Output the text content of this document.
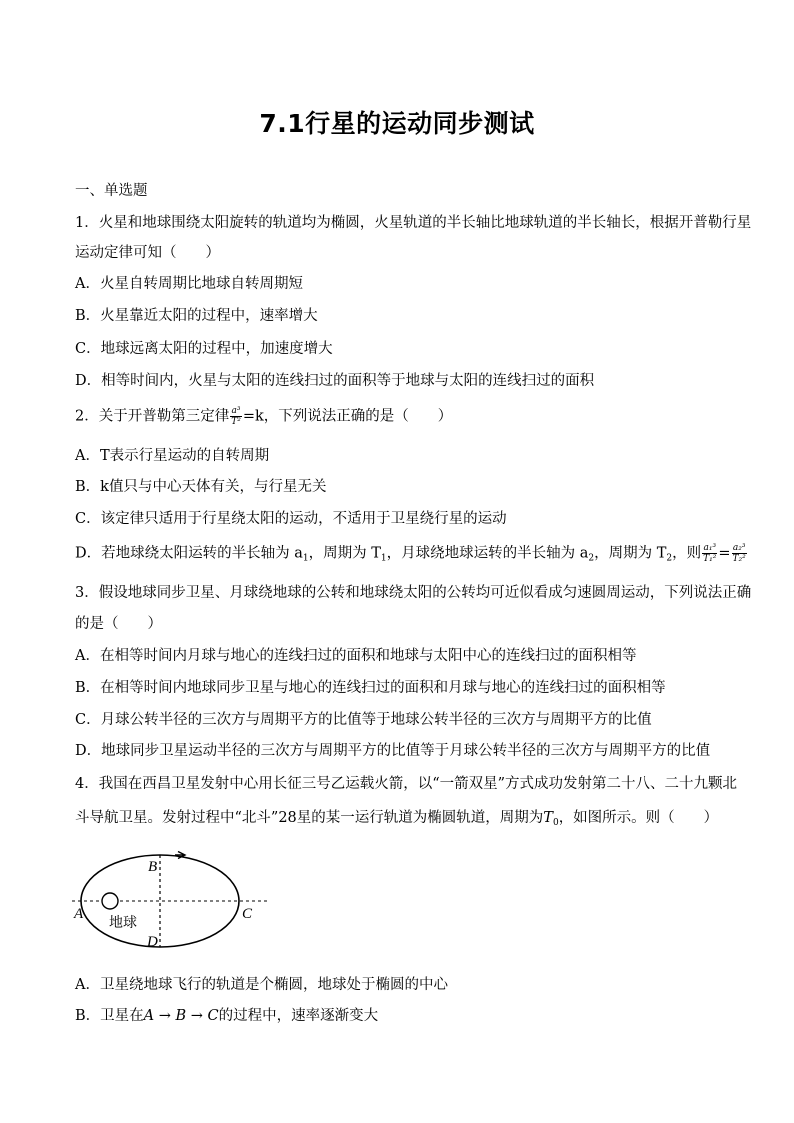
7.1行星的运动同步测试
一、单选题
1．火星和地球围绕太阳旋转的轨道均为椭圆，火星轨道的半长轴比地球轨道的半长轴长，根据开普勒行星
运动定律可知（　　）
A．火星自转周期比地球自转周期短
B．火星靠近太阳的过程中，速率增大
C．地球远离太阳的过程中，加速度增大
D．相等时间内，火星与太阳的连线扫过的面积等于地球与太阳的连线扫过的面积
2．关于开普勒第三定律 $\frac{\text{a³}}{\text{T²}} =k$，下列说法正确的是（　　）
A．T表示行星运动的自转周期
B．k值只与中心天体有关，与行星无关
C．该定律只适用于行星绕太阳的运动，不适用于卫星绕行星的运动
D．若地球绕太阳运转的半长轴为 $a_1$，周期为 $T_1$，月球绕地球运转的半长轴为 $a_2$，周期为 $T_2$，则 $\frac{\text{a₁³}}{\text{T₁²}} = \frac{\text{a₂³}}{\text{T₂²}}$
3．假设地球同步卫星、月球绕地球的公转和地球绕太阳的公转均可近似看成匀速圆周运动，下列说法正确
的是（　　）
A．在相等时间内月球与地心的连线扫过的面积和地球与太阳中心的连线扫过的面积相等
B．在相等时间内地球同步卫星与地心的连线扫过的面积和月球与地心的连线扫过的面积相等
C．月球公转半径的三次方与周期平方的比值等于地球公转半径的三次方与周期平方的比值
D．地球同步卫星运动半径的三次方与周期平方的比值等于月球公转半径的三次方与周期平方的比值
4．我国在西昌卫星发射中心用长征三号乙运载火箭，以“一箭双星”方式成功发射第二十八、二十九颗北
斗导航卫星。发射过程中“北斗”28星的某一运行轨道为椭圆轨道，周期为$T_0$，如图所示。则（　　）
A
B
C
D
地球
A．卫星绕地球飞行的轨道是个椭圆，地球处于椭圆的中心
B．卫星在A → B → C的过程中，速率逐渐变大
